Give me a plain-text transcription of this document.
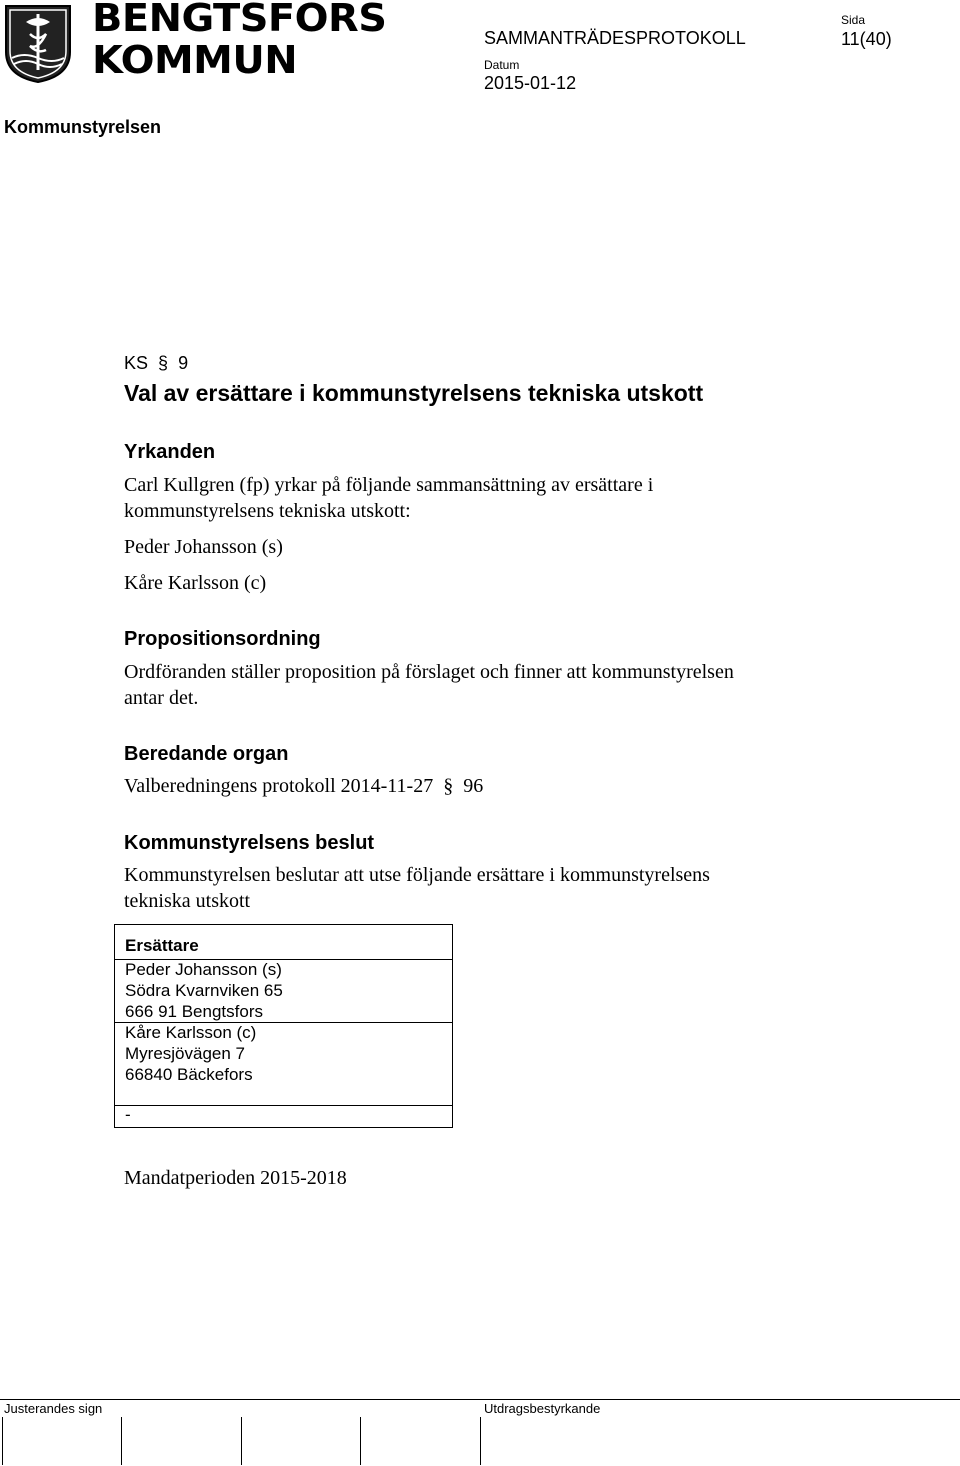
BENGTSFORS
KOMMUN	SAMMANTRÄDESPROTOKOLL
Sida
11(40)
Datum
2015-01-12
Kommunstyrelsen
KS  §  9
Val av ersättare i kommunstyrelsens tekniska utskott
Yrkanden
Carl Kullgren (fp) yrkar på följande sammansättning av ersättare i
kommunstyrelsens tekniska utskott:
Peder Johansson (s)
Kåre Karlsson (c)
Propositionsordning
Ordföranden ställer proposition på förslaget och finner att kommunstyrelsen
antar det.
Beredande organ
Valberedningens protokoll 2014-11-27  §  96
Kommunstyrelsens beslut
Kommunstyrelsen beslutar att utse följande ersättare i kommunstyrelsens
tekniska utskott
Ersättare
Peder Johansson (s)
Södra Kvarnviken 65
666 91 Bengtsfors
Kåre Karlsson (c)
Myresjövägen 7
66840 Bäckefors
-
Mandatperioden 2015-2018
Justerandes sign	Utdragsbestyrkande
